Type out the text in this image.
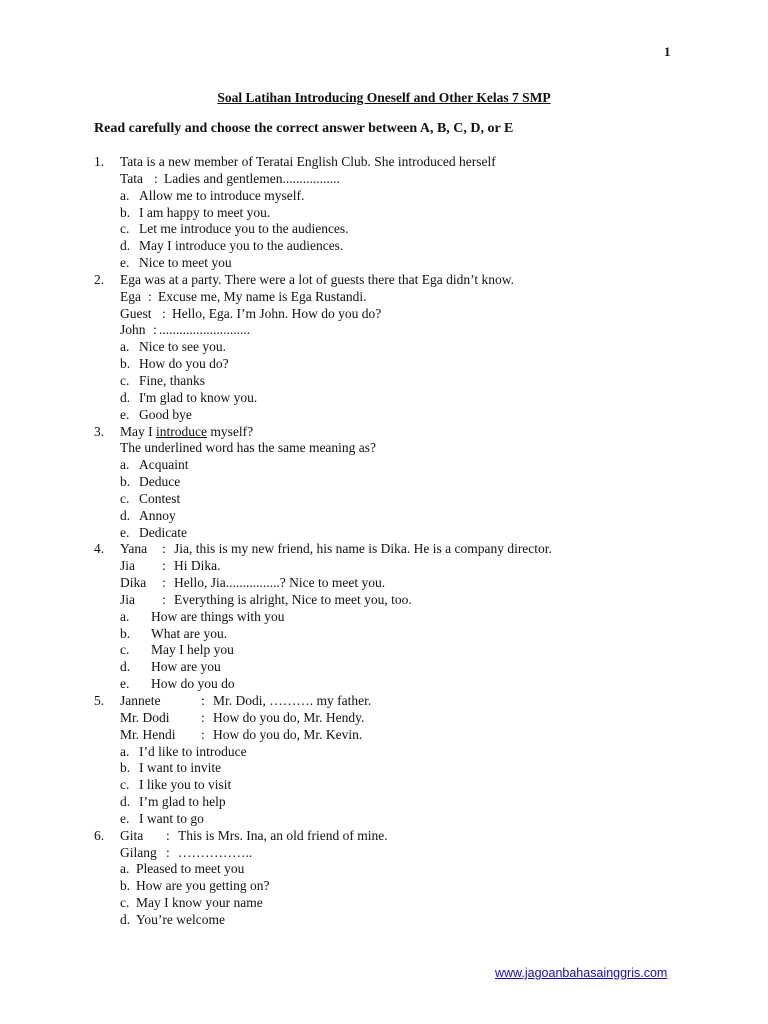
1
Soal Latihan Introducing Oneself and Other Kelas 7 SMP
Read carefully and choose the correct answer between A, B, C, D, or E
1. Tata is a new member of Teratai English Club. She introduced herself
Tata : Ladies and gentlemen.................
a. Allow me to introduce myself.
b. I am happy to meet you.
c. Let me introduce you to the audiences.
d. May I introduce you to the audiences.
e. Nice to meet you
2. Ega was at a party. There were a lot of guests there that Ega didn’t know.
Ega : Excuse me, My name is Ega Rustandi.
Guest : Hello, Ega. I’m John. How do you do?
John : ...........................
a. Nice to see you.
b. How do you do?
c. Fine, thanks
d. I'm glad to know you.
e. Good bye
3. May I introduce myself?
The underlined word has the same meaning as?
a. Acquaint
b. Deduce
c. Contest
d. Annoy
e. Dedicate
4. Yana : Jia, this is my new friend, his name is Dika. He is a company director.
Jia : Hi Dika.
Dika : Hello, Jia................? Nice to meet you.
Jia : Everything is alright, Nice to meet you, too.
a. How are things with you
b. What are you.
c. May I help you
d. How are you
e. How do you do
5. Jannete	: Mr. Dodi, ………. my father.
Mr. Dodi : How do you do, Mr. Hendy.
Mr. Hendi : How do you do, Mr. Kevin.
a. I’d like to introduce
b. I want to invite
c. I like you to visit
d. I’m glad to help
e. I want to go
6. Gita : This is Mrs. Ina, an old friend of mine.
Gilang : ……………..
a. Pleased to meet you
b. How are you getting on?
c. May I know your name
d. You’re welcome
www.jagoanbahasainggris.com
